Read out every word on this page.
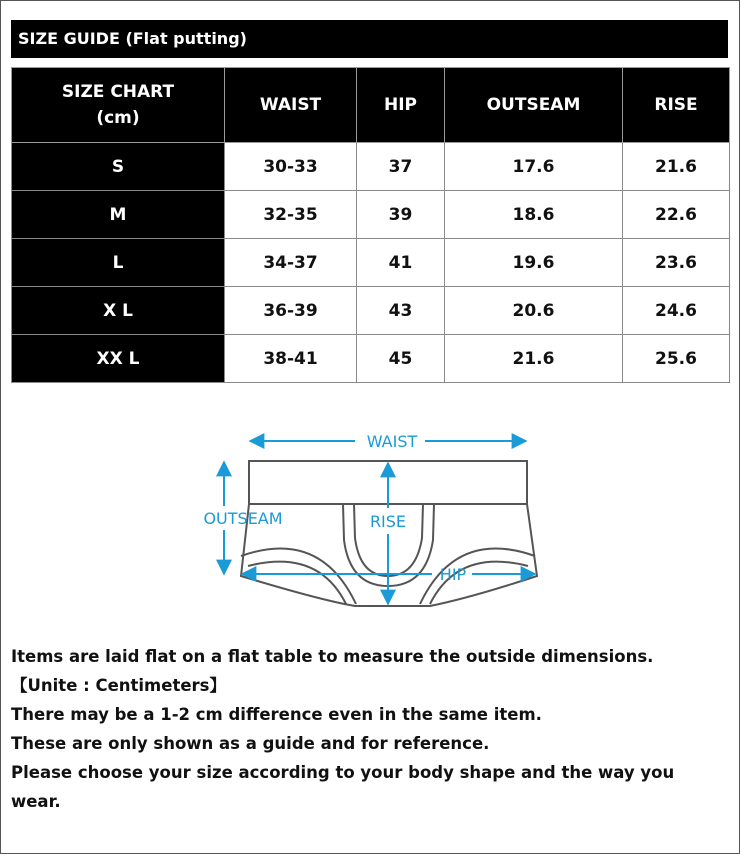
SIZE GUIDE (Flat putting)
SIZE CHART
(cm)	WAIST	HIP	OUTSEAM	RISE
S	30-33	37	17.6	21.6
M	32-35	39	18.6	22.6
L	34-37	41	19.6	23.6
X L	36-39	43	20.6	24.6
XX L	38-41	45	21.6	25.6
WAIST
OUTSEAM	RISE
HIP

Items are laid flat on a flat table to measure the outside dimensions.

【Unite : Centimeters】

There may be a 1-2 cm difference even in the same item.

These are only shown as a guide and for reference.

Please choose your size according to your body shape and the way you wear.
